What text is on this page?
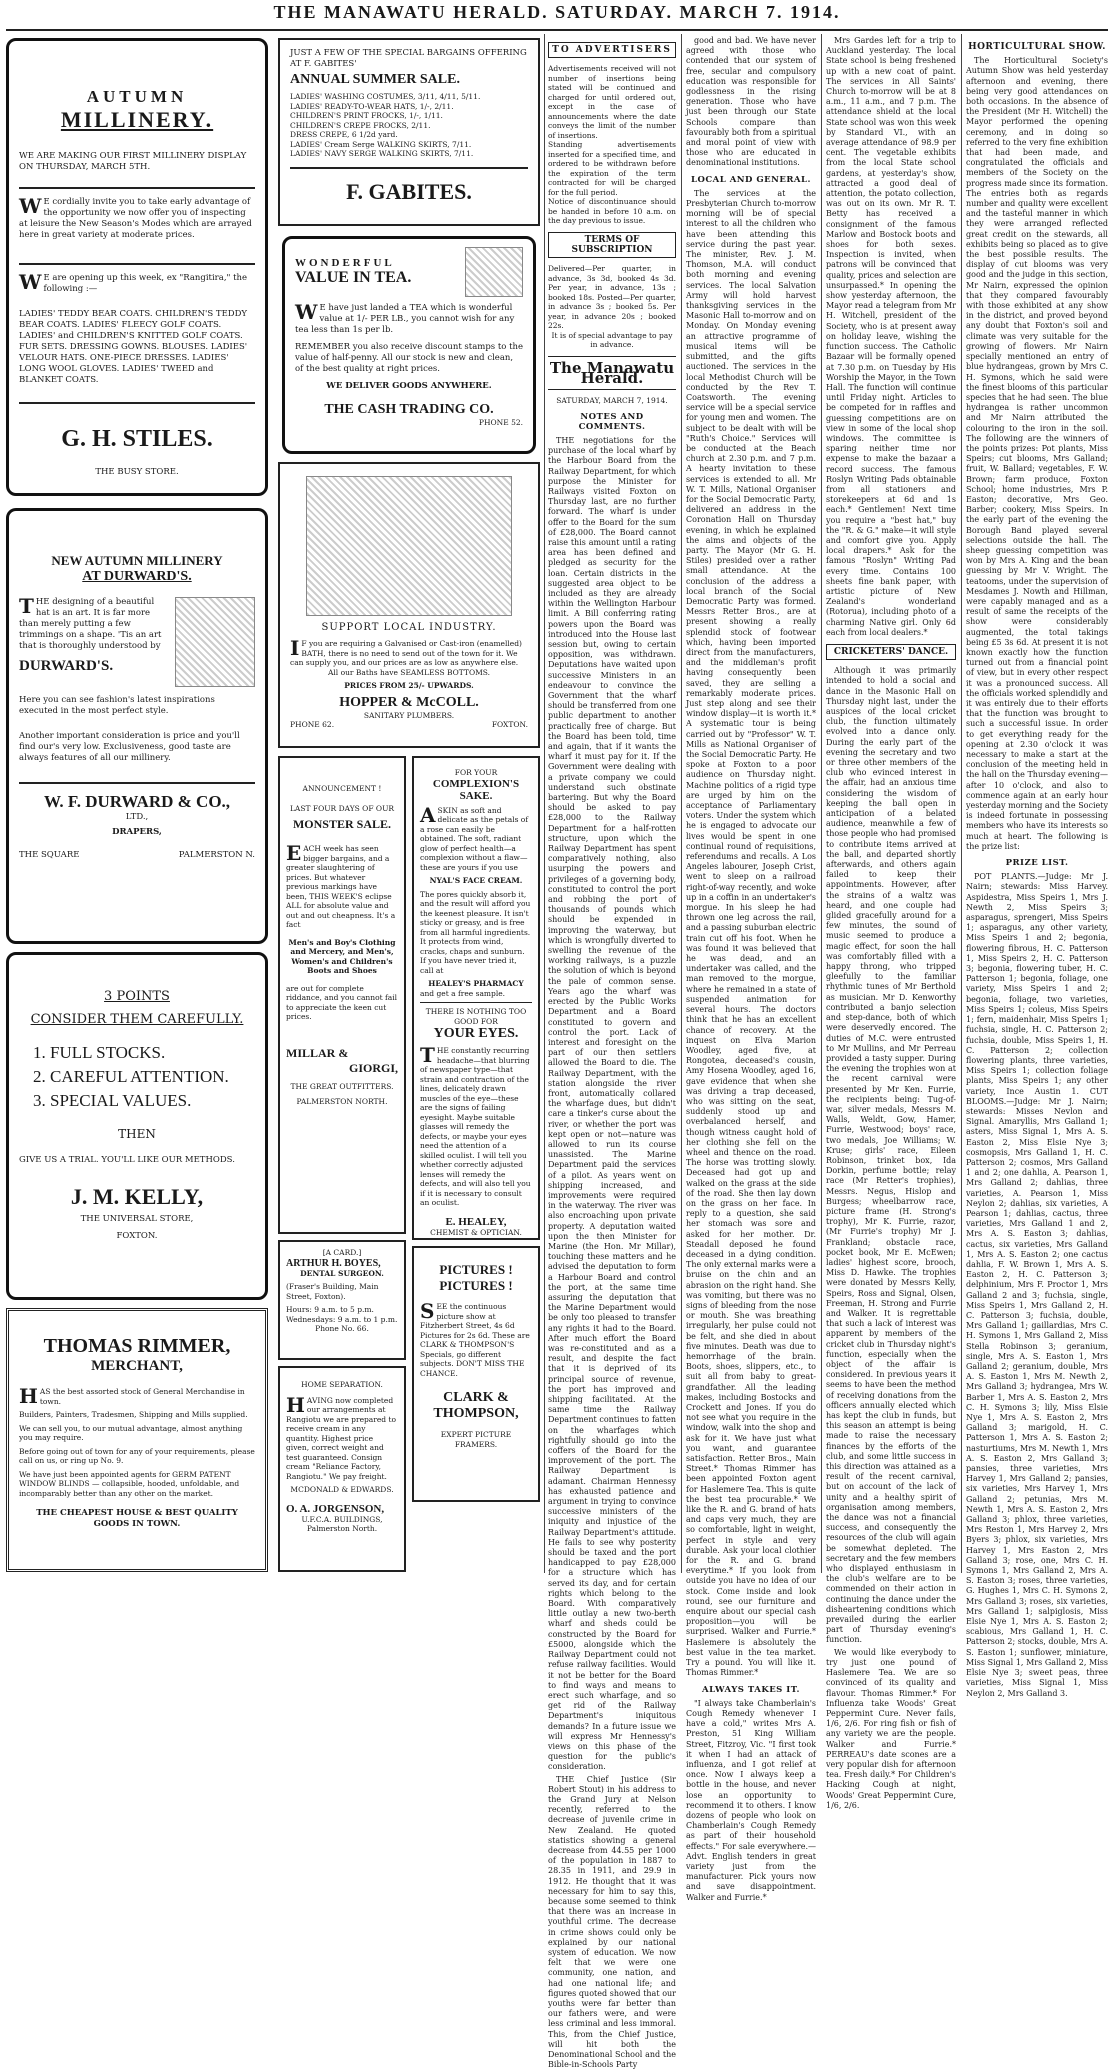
THE MANAWATU HERALD. SATURDAY. MARCH 7. 1914.
AUTUMN
MILLINERY.
WE ARE MAKING OUR FIRST MILLINERY DISPLAY ON THURSDAY, MARCH 5TH.
WE cordially invite you to take early advantage of the opportunity we now offer you of inspecting at leisure the New Season's Modes which are arrayed here in great variety at moderate prices.
WE are opening up this week, ex "Rangitira," the following :—
LADIES' TEDDY BEAR COATS. CHILDREN'S TEDDY BEAR COATS. LADIES' FLEECY GOLF COATS. LADIES' and CHILDREN'S KNITTED GOLF COATS. FUR SETS. DRESSING GOWNS. BLOUSES. LADIES' VELOUR HATS. ONE-PIECE DRESSES. LADIES' LONG WOOL GLOVES. LADIES' TWEED and BLANKET COATS.
G. H. STILES.
THE BUSY STORE.
NEW AUTUMN MILLINERY
AT DURWARD'S.
THE designing of a beautiful hat is an art. It is far more than merely putting a few trimmings on a shape. 'Tis an art that is thoroughly understood by
DURWARD'S.
Here you can see fashion's latest inspirations executed in the most perfect style.
Another important consideration is price and you'll find our's very low. Exclusiveness, good taste are always features of all our millinery.
W. F. DURWARD & CO.,
LTD.,
DRAPERS,
THE SQUARE	PALMERSTON N.
3 POINTS
CONSIDER THEM CAREFULLY.
1. FULL STOCKS.
2. CAREFUL ATTENTION.
3. SPECIAL VALUES.
THEN
GIVE US A TRIAL. YOU'LL LIKE OUR METHODS.
J. M. KELLY,
THE UNIVERSAL STORE,
FOXTON.
THOMAS RIMMER,
MERCHANT,
HAS the best assorted stock of General Merchandise in town.
Builders, Painters, Tradesmen, Shipping and Mills supplied.
We can sell you, to our mutual advantage, almost anything you may require.
Before going out of town for any of your requirements, please call on us, or ring up No. 9.
We have just been appointed agents for GERM PATENT WINDOW BLINDS — collapsible, hooded, unfoldable, and incomparably better than any other on the market.
THE CHEAPEST HOUSE & BEST QUALITY GOODS IN TOWN.
JUST A FEW OF THE SPECIAL BARGAINS OFFERING AT F. GABITES'
ANNUAL SUMMER SALE.
LADIES' WASHING COSTUMES, 3/11, 4/11, 5/11.
LADIES' READY-TO-WEAR HATS, 1/-, 2/11.
CHILDREN'S PRINT FROCKS, 1/-, 1/11.
CHILDREN'S CREPE FROCKS, 2/11.
DRESS CREPE, 6 1/2d yard.
LADIES' Cream Serge WALKING SKIRTS, 7/11.
LADIES' NAVY SERGE WALKING SKIRTS, 7/11.
F. GABITES.
WONDERFUL
VALUE IN TEA.
WE have just landed a TEA which is wonderful value at 1/- PER LB., you cannot wish for any tea less than 1s per lb.
REMEMBER you also receive discount stamps to the value of half-penny. All our stock is new and clean, of the best quality at right prices.
WE DELIVER GOODS ANYWHERE.
THE CASH TRADING CO.
PHONE 52.
SUPPORT LOCAL INDUSTRY.
IF you are requiring a Galvanised or Cast-iron (enamelled) BATH, there is no need to send out of the town for it. We can supply you, and our prices are as low as anywhere else.
All our Baths have SEAMLESS BOTTOMS.
PRICES FROM 25/- UPWARDS.
HOPPER & McCOLL.
SANITARY PLUMBERS.
PHONE 62.	FOXTON.
ANNOUNCEMENT !
LAST FOUR DAYS OF OUR
MONSTER SALE.
EACH week has seen bigger bargains, and a greater slaughtering of prices. But whatever previous markings have been, THIS WEEK'S eclipse ALL for absolute value and out and out cheapness. It's a fact
Men's and Boy's Clothing and Mercery, and Men's, Women's and Children's Boots and Shoes
are out for complete riddance, and you cannot fail to appreciate the keen cut prices.
MILLAR &
GIORGI,
THE GREAT OUTFITTERS.
PALMERSTON NORTH.
[A CARD.]
ARTHUR H. BOYES,
DENTAL SURGEON.
(Fraser's Building, Main Street, Foxton).
Hours: 9 a.m. to 5 p.m. Wednesdays: 9 a.m. to 1 p.m.
Phone No. 66.
HOME SEPARATION.
HAVING now completed our arrangements at Rangiotu we are prepared to receive cream in any quantity. Highest price given, correct weight and test guaranteed. Consign cream "Reliance Factory, Rangiotu." We pay freight.
MCDONALD & EDWARDS.
O. A. JORGENSON,
U.F.C.A. BUILDINGS,
Palmerston North.
FOR YOUR
COMPLEXION'S SAKE.
ASKIN as soft and delicate as the petals of a rose can easily be obtained. The soft, radiant glow of perfect health—a complexion without a flaw—these are yours if you use
NYAL'S FACE CREAM.
The pores quickly absorb it, and the result will afford you the keenest pleasure. It isn't sticky or greasy, and is free from all harmful ingredients. It protects from wind, cracks, chaps and sunburn. If you have never tried it, call at
HEALEY'S PHARMACY
and get a free sample.
THERE IS NOTHING TOO GOOD FOR
YOUR EYES.
THE constantly recurring headache—that blurring of newspaper type—that strain and contraction of the lines, delicately drawn muscles of the eye—these are the signs of failing eyesight. Maybe suitable glasses will remedy the defects, or maybe your eyes need the attention of a skilled oculist. I will tell you whether correctly adjusted lenses will remedy the defects, and will also tell you if it is necessary to consult an oculist.
E. HEALEY,
CHEMIST & OPTICIAN.
PICTURES !
PICTURES !
SEE the continuous picture show at Fitzherbert Street, 4s 6d Pictures for 2s 6d. These are CLARK & THOMPSON'S Specials, go different subjects. DON'T MISS THE CHANCE.
CLARK &
THOMPSON,
EXPERT PICTURE FRAMERS.
TO ADVERTISERS
Advertisements received will not number of insertions being stated will be continued and charged for until ordered out, except in the case of announcements where the date conveys the limit of the number of insertions.
Standing advertisements inserted for a specified time, and ordered to be withdrawn before the expiration of the term contracted for will be charged for the full period.
Notice of discontinuance should be handed in before 10 a.m. on the day previous to issue.
TERMS OF SUBSCRIPTION
Delivered—Per quarter, in advance, 3s 3d, booked 4s 3d. Per year, in advance, 13s ; booked 18s. Posted—Per quarter, in advance 3s ; booked 5s. Per year, in advance 20s ; booked 22s.
It is of special advantage to pay in advance.
The Manawatu Herald.
SATURDAY, MARCH 7, 1914.
NOTES AND COMMENTS.

THE negotiations for the purchase of the local wharf by the Harbour Board from the Railway Department, for which purpose the Minister for Railways visited Foxton on Thursday last, are no further forward. The wharf is under offer to the Board for the sum of £28,000. The Board cannot raise this amount until a rating area has been defined and pledged as security for the loan. Certain districts in the suggested area object to be included as they are already within the Wellington Harbour limit. A Bill conferring rating powers upon the Board was introduced into the House last session but, owing to certain opposition, was withdrawn. Deputations have waited upon successive Ministers in an endeavour to convince the Government that the wharf should be transferred from one public department to another practically free of charge. But the Board has been told, time and again, that if it wants the wharf it must pay for it. If the Government were dealing with a private company we could understand such obstinate bartering. But why the Board should be asked to pay £28,000 to the Railway Department for a half-rotten structure, upon which the Railway Department has spent comparatively nothing, also usurping the powers and privileges of a governing body, constituted to control the port and robbing the port of thousands of pounds which should be expended in improving the waterway, but which is wrongfully diverted to swelling the revenue of the working railways, is a puzzle the solution of which is beyond the pale of common sense. Years ago the wharf was erected by the Public Works Department and a Board constituted to govern and control the port. Lack of interest and foresight on the part of our then settlers allowed the Board to die. The Railway Department, with the station alongside the river front, automatically collared the wharfage dues, but didn't care a tinker's curse about the river, or whether the port was kept open or not—nature was allowed to run its course unassisted. The Marine Department paid the services of a pilot. As years went on shipping increased, and improvements were required in the waterway. The river was also encroaching upon private property. A deputation waited upon the then Minister for Marine (the Hon. Mr Millar), touching these matters and he advised the deputation to form a Harbour Board and control the port, at the same time assuring the deputation that the Marine Department would be only too pleased to transfer any rights it had to the Board. After much effort the Board was re-constituted and as a result, and despite the fact that it is deprived of its principal source of revenue, the port has improved and shipping facilitated. At the same time the Railway Department continues to fatten on the wharfages which rightfully should go into the coffers of the Board for the improvement of the port. The Railway Department is adamant. Chairman Hennessy has exhausted patience and argument in trying to convince successive ministers of the iniquity and injustice of the Railway Department's attitude. He fails to see why posterity should be taxed and the port handicapped to pay £28,000 for a structure which has served its day, and for certain rights which belong to the Board. With comparatively little outlay a new two-berth wharf and sheds could be constructed by the Board for £5000, alongside which the Railway Department could not refuse railway facilities. Would it not be better for the Board to find ways and means to erect such wharfage, and so get rid of the Railway Department's iniquitous demands? In a future issue we will express Mr Hennessy's views on this phase of the question for the public's consideration.

THE Chief Justice (Sir Robert Stout) in his address to the Grand Jury at Nelson recently, referred to the decrease of juvenile crime in New Zealand. He quoted statistics showing a general decrease from 44.55 per 1000 of the population in 1887 to 28.35 in 1911, and 29.9 in 1912. He thought that it was necessary for him to say this, because some seemed to think that there was an increase in youthful crime. The decrease in crime shows could only be explained by our national system of education. We now felt that we were one community, one nation, and had one national life; and figures quoted showed that our youths were far better than our fathers were, and were less criminal and less immoral. This, from the Chief Justice, will hit both the Denominational School and the Bible-in-Schools Party

good and bad. We have never agreed with those who contended that our system of free, secular and compulsory education was responsible for godlessness in the rising generation. Those who have just been through our State Schools compare than favourably both from a spiritual and moral point of view with those who are educated in denominational institutions.

LOCAL AND GENERAL.

The services at the Presbyterian Church to-morrow morning will be of special interest to all the children who have been attending this service during the past year. The minister, Rev. J. M. Thomson, M.A. will conduct both morning and evening services. The local Salvation Army will hold harvest thanksgiving services in the Masonic Hall to-morrow and on Monday. On Monday evening an attractive programme of musical items will be submitted, and the gifts auctioned. The services in the local Methodist Church will be conducted by the Rev T. Coatsworth. The evening service will be a special service for young men and women. The subject to be dealt with will be "Ruth's Choice." Services will be conducted at the Beach church at 2.30 p.m. and 7 p.m. A hearty invitation to these services is extended to all. Mr W. T. Mills, National Organiser for the Social Democratic Party, delivered an address in the Coronation Hall on Thursday evening, in which he explained the aims and objects of the party. The Mayor (Mr G. H. Stiles) presided over a rather small attendance. At the conclusion of the address a local branch of the Social Democratic Party was formed. Messrs Retter Bros., are at present showing a really splendid stock of footwear which, having been imported direct from the manufacturers, and the middleman's profit having consequently been saved, they are selling a remarkably moderate prices. Just step along and see their window display—it is worth it.* A systematic tour is being carried out by "Professor" W. T. Mills as National Organiser of the Social Democratic Party. He spoke at Foxton to a poor audience on Thursday night. Machine politics of a rigid type are urged by him on the acceptance of Parliamentary voters. Under the system which he is engaged to advocate our lives would be spent in one continual round of requisitions, referendums and recalls. A Los Angeles labourer, Joseph Crist, went to sleep on a railroad right-of-way recently, and woke up in a coffin in an undertaker's morgue. In his sleep he had thrown one leg across the rail, and a passing suburban electric train cut off his foot. When he was found it was believed that he was dead, and an undertaker was called, and the man removed to the morgue, where he remained in a state of suspended animation for several hours. The doctors think that he has an excellent chance of recovery. At the inquest on Elva Marion Woodley, aged five, at Rongotea, deceased's cousin, Amy Hosena Woodley, aged 16, gave evidence that when she was driving a trap deceased, who was sitting on the seat, suddenly stood up and overbalanced herself, and though witness caught hold of her clothing she fell on the wheel and thence on the road. The horse was trotting slowly. Deceased had got up and walked on the grass at the side of the road. She then lay down on the grass on her face. In reply to a question, she said her stomach was sore and asked for her mother. Dr. Steadall deposed he found deceased in a dying condition. The only external marks were a bruise on the chin and an abrasion on the right hand. She was vomiting, but there was no signs of bleeding from the nose or mouth. She was breathing irregularly, her pulse could not be felt, and she died in about five minutes. Death was due to hemorrhage of the brain. Boots, shoes, slippers, etc., to suit all from baby to great-grandfather. All the leading makes, including Bostocks and Crockett and Jones. If you do not see what you require in the window, walk into the shop and ask for it. We have just what you want, and guarantee satisfaction. Retter Bros., Main Street.* Thomas Rimmer has been appointed Foxton agent for Haslemere Tea. This is quite the best tea procurable.* We like the R. and G. brand of hats and caps very much, they are so comfortable, light in weight, perfect in style and very durable. Ask your local clothier for the R. and G. brand everytime.* If you look from outside you have no idea of our stock. Come inside and look round, see our furniture and enquire about our special cash proposition—you will be surprised. Walker and Furrie.* Haslemere is absolutely the best value in the tea market. Try a pound. You will like it. Thomas Rimmer.*

ALWAYS TAKES IT.

"I always take Chamberlain's Cough Remedy whenever I have a cold," writes Mrs A. Preston, 51 King William Street, Fitzroy, Vic. "I first took it when I had an attack of influenza, and I got relief at once. Now I always keep a bottle in the house, and never lose an opportunity to recommend it to others. I know dozens of people who look on Chamberlain's Cough Remedy as part of their household effects." For sale everywhere.—Advt. English tenders in great variety just from the manufacturer. Pick yours now and save disappointment. Walker and Furrie.*

Mrs Gardes left for a trip to Auckland yesterday. The local State school is being freshened up with a new coat of paint. The services in All Saints' Church to-morrow will be at 8 a.m., 11 a.m., and 7 p.m. The attendance shield at the local State school was won this week by Standard VI., with an average attendance of 98.9 per cent. The vegetable exhibits from the local State school gardens, at yesterday's show, attracted a good deal of attention, the potato collection, was out on its own. Mr R. T. Betty has received a consignment of the famous Marlow and Bostock boots and shoes for both sexes. Inspection is invited, when patrons will be convinced that quality, prices and selection are unsurpassed.* In opening the show yesterday afternoon, the Mayor read a telegram from Mr H. Witchell, president of the Society, who is at present away on holiday leave, wishing the function success. The Catholic Bazaar will be formally opened at 7.30 p.m. on Tuesday by His Worship the Mayor, in the Town Hall. The function will continue until Friday night. Articles to be competed for in raffles and guessing competitions are on view in some of the local shop windows. The committee is sparing neither time nor expense to make the bazaar a record success. The famous Roslyn Writing Pads obtainable from all stationers and storekeepers at 6d and 1s each.* Gentlemen! Next time you require a "best hat," buy the "R. & G." make—it will style and comfort give you. Apply local drapers.* Ask for the famous "Roslyn" Writing Pad every time. Contains 100 sheets fine bank paper, with artistic picture of New Zealand's wonderland (Rotorua), including photo of a charming Native girl. Only 6d each from local dealers.*

CRICKETERS' DANCE.

Although it was primarily intended to hold a social and dance in the Masonic Hall on Thursday night last, under the auspices of the local cricket club, the function ultimately evolved into a dance only. During the early part of the evening the secretary and two or three other members of the club who evinced interest in the affair, had an anxious time considering the wisdom of keeping the ball open in anticipation of a belated audience, meanwhile a few of those people who had promised to contribute items arrived at the ball, and departed shortly afterwards, and others again failed to keep their appointments. However, after the strains of a waltz was heard, and one couple had glided gracefully around for a few minutes, the sound of music seemed to produce a magic effect, for soon the hall was comfortably filled with a happy throng, who tripped gleefully to the familiar rhythmic tunes of Mr Berthold as musician. Mr D. Kenworthy contributed a banjo selection and step-dance, both of which were deservedly encored. The duties of M.C. were entrusted to Mr Mullins, and Mr Perreau provided a tasty supper. During the evening the trophies won at the recent carnival were presented by Mr Ken. Furrie, the recipients being: Tug-of-war, silver medals, Messrs M. Walls, Weldt, Gow, Hamer, Furrie, Westwood; boys' race, two medals, Joe Williams; W. Kruse; girls' race, Eileen Robinson, trinket box, Ida Dorkin, perfume bottle; relay race (Mr Retter's trophies), Messrs. Negus, Hislop and Burgess; wheelbarrow race, picture frame (H. Strong's trophy), Mr K. Furrie, razor, (Mr Furrie's trophy) Mr J. Frankland; obstacle race, pocket book, Mr E. McEwen; ladies' highest score, brooch, Miss D. Hawke. The trophies were donated by Messrs Kelly, Speirs, Ross and Signal, Olsen, Freeman, H. Strong and Furrie and Walker. It is regrettable that such a lack of interest was apparent by members of the cricket club in Thursday night's function, especially when the object of the affair is considered. In previous years it seems to have been the method of receiving donations from the officers annually elected which has kept the club in funds, but this season an attempt is being made to raise the necessary finances by the efforts of the club, and some little success in this direction was attained as a result of the recent carnival, but on account of the lack of unity and a healthy spirit of organisation among members, the dance was not a financial success, and consequently the resources of the club will again be somewhat depleted. The secretary and the few members who displayed enthusiasm in the club's welfare are to be commended on their action in continuing the dance under the disheartening conditions which prevailed during the earlier part of Thursday evening's function.

We would like everybody to try just one pound of Haslemere Tea. We are so convinced of its quality and flavour. Thomas Rimmer.* For Influenza take Woods' Great Peppermint Cure. Never fails, 1/6, 2/6. For ring fish or fish of any variety we are the people. Walker and Furrie.* PERREAU's date scones are a very popular dish for afternoon tea. Fresh daily.* For Children's Hacking Cough at night, Woods' Great Peppermint Cure, 1/6, 2/6.

HORTICULTURAL SHOW.

The Horticultural Society's Autumn Show was held yesterday afternoon and evening, there being very good attendances on both occasions. In the absence of the President (Mr H. Witchell) the Mayor performed the opening ceremony, and in doing so referred to the very fine exhibition that had been made, and congratulated the officials and members of the Society on the progress made since its formation. The entries both as regards number and quality were excellent and the tasteful manner in which they were arranged reflected great credit on the stewards, all exhibits being so placed as to give the best possible results. The display of cut blooms was very good and the judge in this section, Mr Nairn, expressed the opinion that they compared favourably with those exhibited at any show in the district, and proved beyond any doubt that Foxton's soil and climate was very suitable for the growing of flowers. Mr Nairn specially mentioned an entry of blue hydrangeas, grown by Mrs C. H. Symons, which he said were the finest blooms of this particular species that he had seen. The blue hydrangea is rather uncommon and Mr Nairn attributed the colouring to the iron in the soil. The following are the winners of the points prizes: Pot plants, Miss Speirs; cut blooms, Mrs Galland; fruit, W. Ballard; vegetables, F. W. Brown; farm produce, Foxton School; home industries, Mrs P. Easton; decorative, Mrs Geo. Barber; cookery, Miss Speirs. In the early part of the evening the Borough Band played several selections outside the hall. The sheep guessing competition was won by Mrs A. King and the bean guessing by Mr V. Wright. The teatooms, under the supervision of Mesdames J. Nowth and Hillman, were capably managed and as a result of same the receipts of the show were considerably augmented, the total takings being £5 3s 6d. At present it is not known exactly how the function turned out from a financial point of view, but in every other respect it was a pronounced success. All the officials worked splendidly and it was entirely due to their efforts that the function was brought to such a successful issue. In order to get everything ready for the opening at 2.30 o'clock it was necessary to make a start at the conclusion of the meeting held in the hall on the Thursday evening—after 10 o'clock, and also to commence again at an early hour yesterday morning and the Society is indeed fortunate in possessing members who have its interests so much at heart. The following is the prize list:

PRIZE LIST.

POT PLANTS.—Judge: Mr J. Nairn; stewards: Miss Harvey. Aspidestra, Miss Speirs 1, Mrs J. Newth 2, Miss Speirs 3; asparagus, sprengeri, Miss Speirs 1; asparagus, any other variety, Miss Speirs 1 and 2; begonia, flowering fibrous, H. C. Patterson 1, Miss Speirs 2, H. C. Patterson 3; begonia, flowering tuber, H. C. Patterson 1; begonia, foliage, one variety, Miss Speirs 1 and 2; begonia, foliage, two varieties, Miss Speirs 1; coleus, Miss Speirs 1; fern, maidenhair, Miss Speirs 1; fuchsia, single, H. C. Patterson 2; fuchsia, double, Miss Speirs 1, H. C. Patterson 2; collection flowering plants, three varieties, Miss Speirs 1; collection foliage plants, Miss Speirs 1; any other variety, Ince Austin 1. CUT BLOOMS.—Judge: Mr J. Nairn; stewards: Misses Nevlon and Signal. Amaryllis, Mrs Galland 1; asters, Miss Signal 1, Mrs A. S. Easton 2, Miss Elsie Nye 3; cosmopsis, Mrs Galland 1, H. C. Patterson 2; cosmos, Mrs Galland 1 and 2; one dahlia, A. Pearson 1, Mrs Galland 2; dahlias, three varieties, A. Pearson 1, Miss Neylon 2; dahlias, six varieties, A Pearson 1; dahlias, cactus, three varieties, Mrs Galland 1 and 2, Mrs A. S. Easton 3; dahlias, cactus, six varieties, Mrs Galland 1, Mrs A. S. Easton 2; one cactus dahlia, F. W. Brown 1, Mrs A. S. Easton 2, H. C. Patterson 3; delphinium, Mrs F. Proctor 1, Mrs Galland 2 and 3; fuchsia, single, Miss Speirs 1, Mrs Galland 2, H. C. Patterson 3; fuchsia, double, Mrs Galland 1; gaillardias, Mrs C. H. Symons 1, Mrs Galland 2, Miss Stella Robinson 3; geranium, single, Mrs A. S. Easton 1, Mrs Galland 2; geranium, double, Mrs A. S. Easton 1, Mrs M. Newth 2, Mrs Galland 3; hydrangea, Mrs W. Barber 1, Mrs A. S. Easton 2, Mrs C. H. Symons 3; lily, Miss Elsie Nye 1, Mrs A. S. Easton 2, Mrs Galland 3; marigold, H. C. Patterson 1, Mrs A. S. Easton 2; nasturtiums, Mrs M. Newth 1, Mrs A. S. Easton 2, Mrs Galland 3; pansies, three varieties, Mrs Harvey 1, Mrs Galland 2; pansies, six varieties, Mrs Harvey 1, Mrs Galland 2; petunias, Mrs M. Newth 1, Mrs A. S. Easton 2, Mrs Galland 3; phlox, three varieties, Mrs Reston 1, Mrs Harvey 2, Mrs Byers 3; phlox, six varieties, Mrs Harvey 1, Mrs Easton 2, Mrs Galland 3; rose, one, Mrs C. H. Symons 1, Mrs Galland 2, Mrs A. S. Easton 3; roses, three varieties, G. Hughes 1, Mrs C. H. Symons 2, Mrs Galland 3; roses, six varieties, Mrs Galland 1; salpiglosis, Miss Elsie Nye 1, Mrs A. S. Easton 2; scabious, Mrs Galland 1, H. C. Patterson 2; stocks, double, Mrs A. S. Easton 1; sunflower, miniature, Miss Signal 1, Mrs Galland 2, Miss Elsie Nye 3; sweet peas, three varieties, Miss Signal 1, Miss Neylon 2, Mrs Galland 3.
